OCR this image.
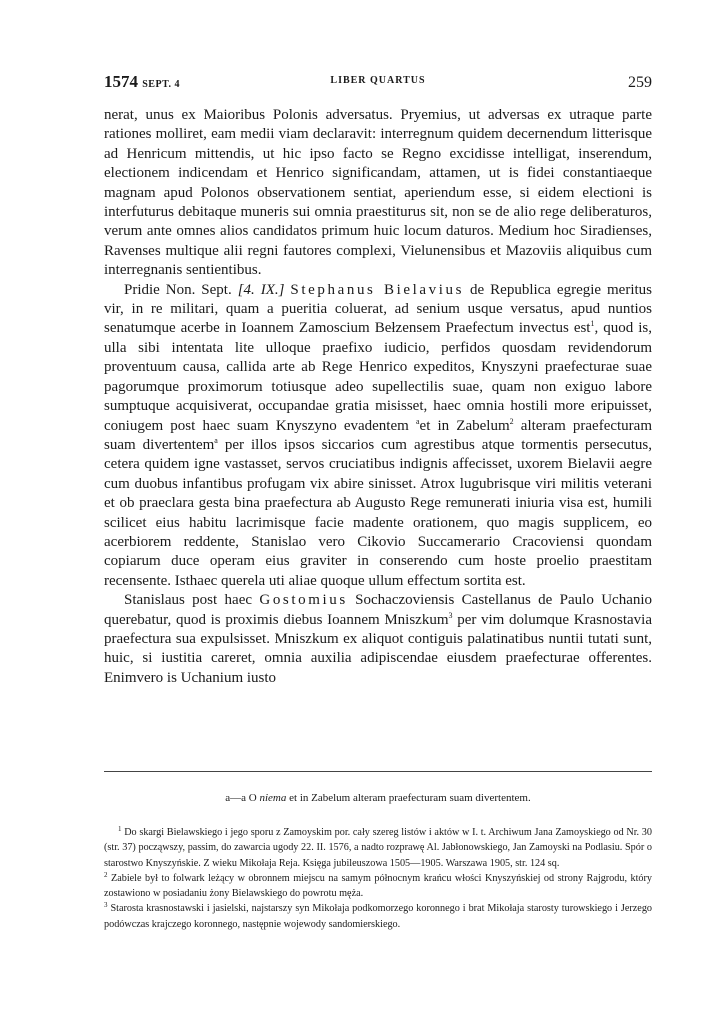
1574 SEPT. 4	LIBER QUARTUS	259

nerat, unus ex Maioribus Polonis adversatus. Pryemius, ut adversas ex utraque parte rationes molliret, eam medii viam declaravit: interregnum quidem decernendum litterisque ad Henricum mittendis, ut hic ipso facto se Regno excidisse intelligat, inserendum, electionem indicendam et Henrico significandam, attamen, ut is fidei constantiaeque magnam apud Polonos observationem sentiat, aperiendum esse, si eidem electioni is interfuturus debitaque muneris sui omnia praestiturus sit, non se de alio rege deliberaturos, verum ante omnes alios candidatos primum huic locum daturos. Medium hoc Siradienses, Ravenses multique alii regni fautores complexi, Vielunensibus et Mazoviis aliquibus cum interregnanis sentientibus.

Pridie Non. Sept. [4. IX.] Stephanus Bielavius de Republica egregie meritus vir, in re militari, quam a pueritia coluerat, ad senium usque versatus, apud nuntios senatumque acerbe in Ioannem Zamoscium Bełzensem Praefectum invectus est$^1$, quod is, ulla sibi intentata lite ulloque praefixo iudicio, perfidos quosdam revidendorum proventuum causa, callida arte ab Rege Henrico expeditos, Knyszyni praefecturae suae pagorumque proximorum totiusque adeo supellectilis suae, quam non exiguo labore sumptuque acquisiverat, occupandae gratia misisset, haec omnia hostili more eripuisset, coniugem post haec suam Knyszyno evadentem $^a$et in Zabelum$^2$ alteram praefecturam suam divertentem$^a$ per illos ipsos siccarios cum agrestibus atque tormentis persecutus, cetera quidem igne vastasset, servos cruciatibus indignis affecisset, uxorem Bielavii aegre cum duobus infantibus profugam vix abire sinisset. Atrox lugubrisque viri militis veterani et ob praeclara gesta bina praefectura ab Augusto Rege remunerati iniuria visa est, humili scilicet eius habitu lacrimisque facie madente orationem, quo magis supplicem, eo acerbiorem reddente, Stanislao vero Cikovio Succamerario Cracoviensi quondam copiarum duce operam eius graviter in conserendo cum hoste proelio praestitam recensente. Isthaec querela uti aliae quoque ullum effectum sortita est.

Stanislaus post haec Gostomius Sochaczoviensis Castellanus de Paulo Uchanio querebatur, quod is proximis diebus Ioannem Mniszkum$^3$ per vim dolumque Krasnostavia praefectura sua expulsisset. Mniszkum ex aliquot contiguis palatinatibus nuntii tutati sunt, huic, si iustitia careret, omnia auxilia adipiscendae eiusdem praefecturae offerentes. Enimvero is Uchanium iusto

a—a O niema et in Zabelum alteram praefecturam suam divertentem.

$^1$ Do skargi Bielawskiego i jego sporu z Zamoyskim por. cały szereg listów i aktów w I. t. Archiwum Jana Zamoyskiego od Nr. 30 (str. 37) począwszy, passim, do zawarcia ugody 22. II. 1576, a nadto rozprawę Al. Jabłonowskiego, Jan Zamoyski na Podlasiu. Spór o starostwo Knyszyńskie. Z wieku Mikołaja Reja. Księga jubileuszowa 1505—1905. Warszawa 1905, str. 124 sq.

$^2$ Zabiele był to folwark leżący w obronnem miejscu na samym północnym krańcu włości Knyszyńskiej od strony Rajgrodu, który zostawiono w posiadaniu żony Bielawskiego do powrotu męża.

$^3$ Starosta krasnostawski i jasielski, najstarszy syn Mikołaja podkomorzego koronnego i brat Mikołaja starosty turowskiego i Jerzego podówczas krajczego koronnego, następnie wojewody sandomierskiego.
